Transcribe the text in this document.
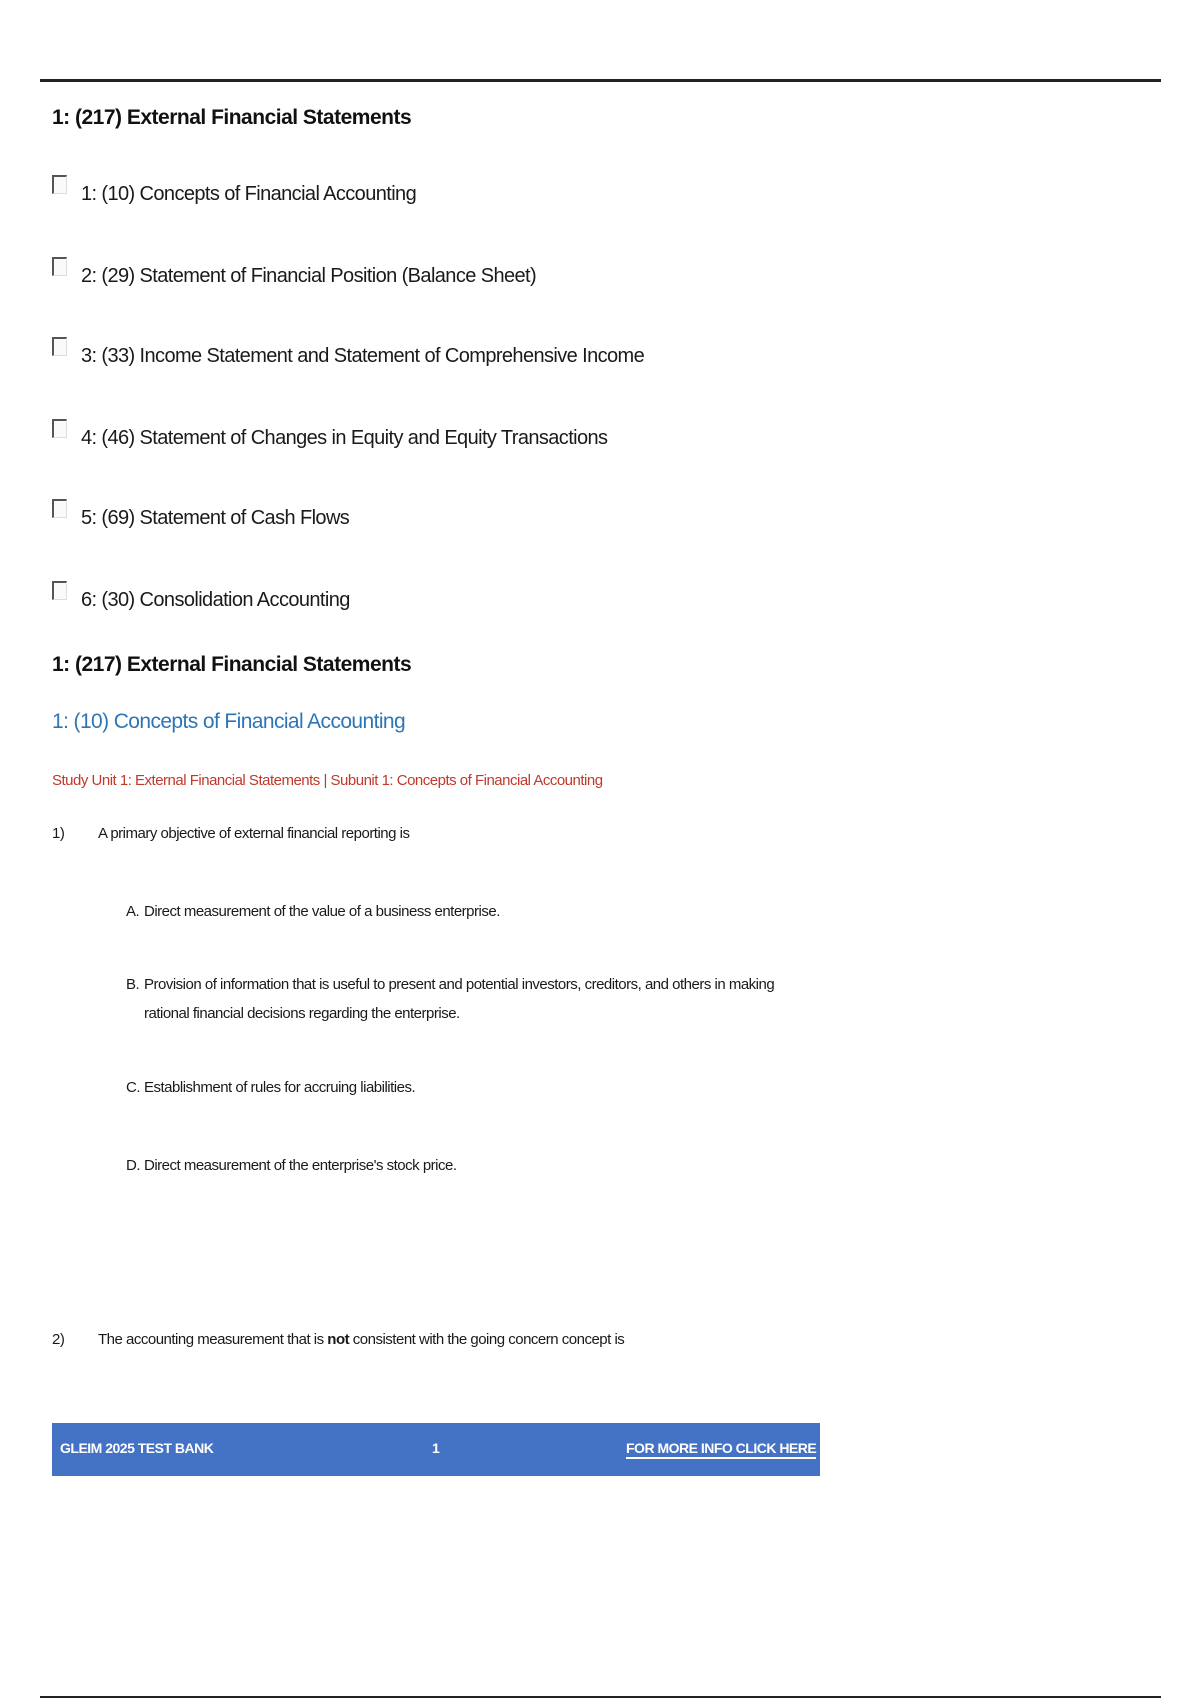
1: (217) External Financial Statements
1: (10) Concepts of Financial Accounting
2: (29) Statement of Financial Position (Balance Sheet)
3: (33) Income Statement and Statement of Comprehensive Income
4: (46) Statement of Changes in Equity and Equity Transactions
5: (69) Statement of Cash Flows
6: (30) Consolidation Accounting
1: (217) External Financial Statements
1: (10) Concepts of Financial Accounting
Study Unit 1: External Financial Statements | Subunit 1: Concepts of Financial Accounting
1)	A primary objective of external financial reporting is
A. Direct measurement of the value of a business enterprise.
B. Provision of information that is useful to present and potential investors, creditors, and others in making rational financial decisions regarding the enterprise.
C. Establishment of rules for accruing liabilities.
D. Direct measurement of the enterprise's stock price.
2)	The accounting measurement that is not consistent with the going concern concept is
GLEIM 2025 TEST BANK	1	FOR MORE INFO CLICK HERE
